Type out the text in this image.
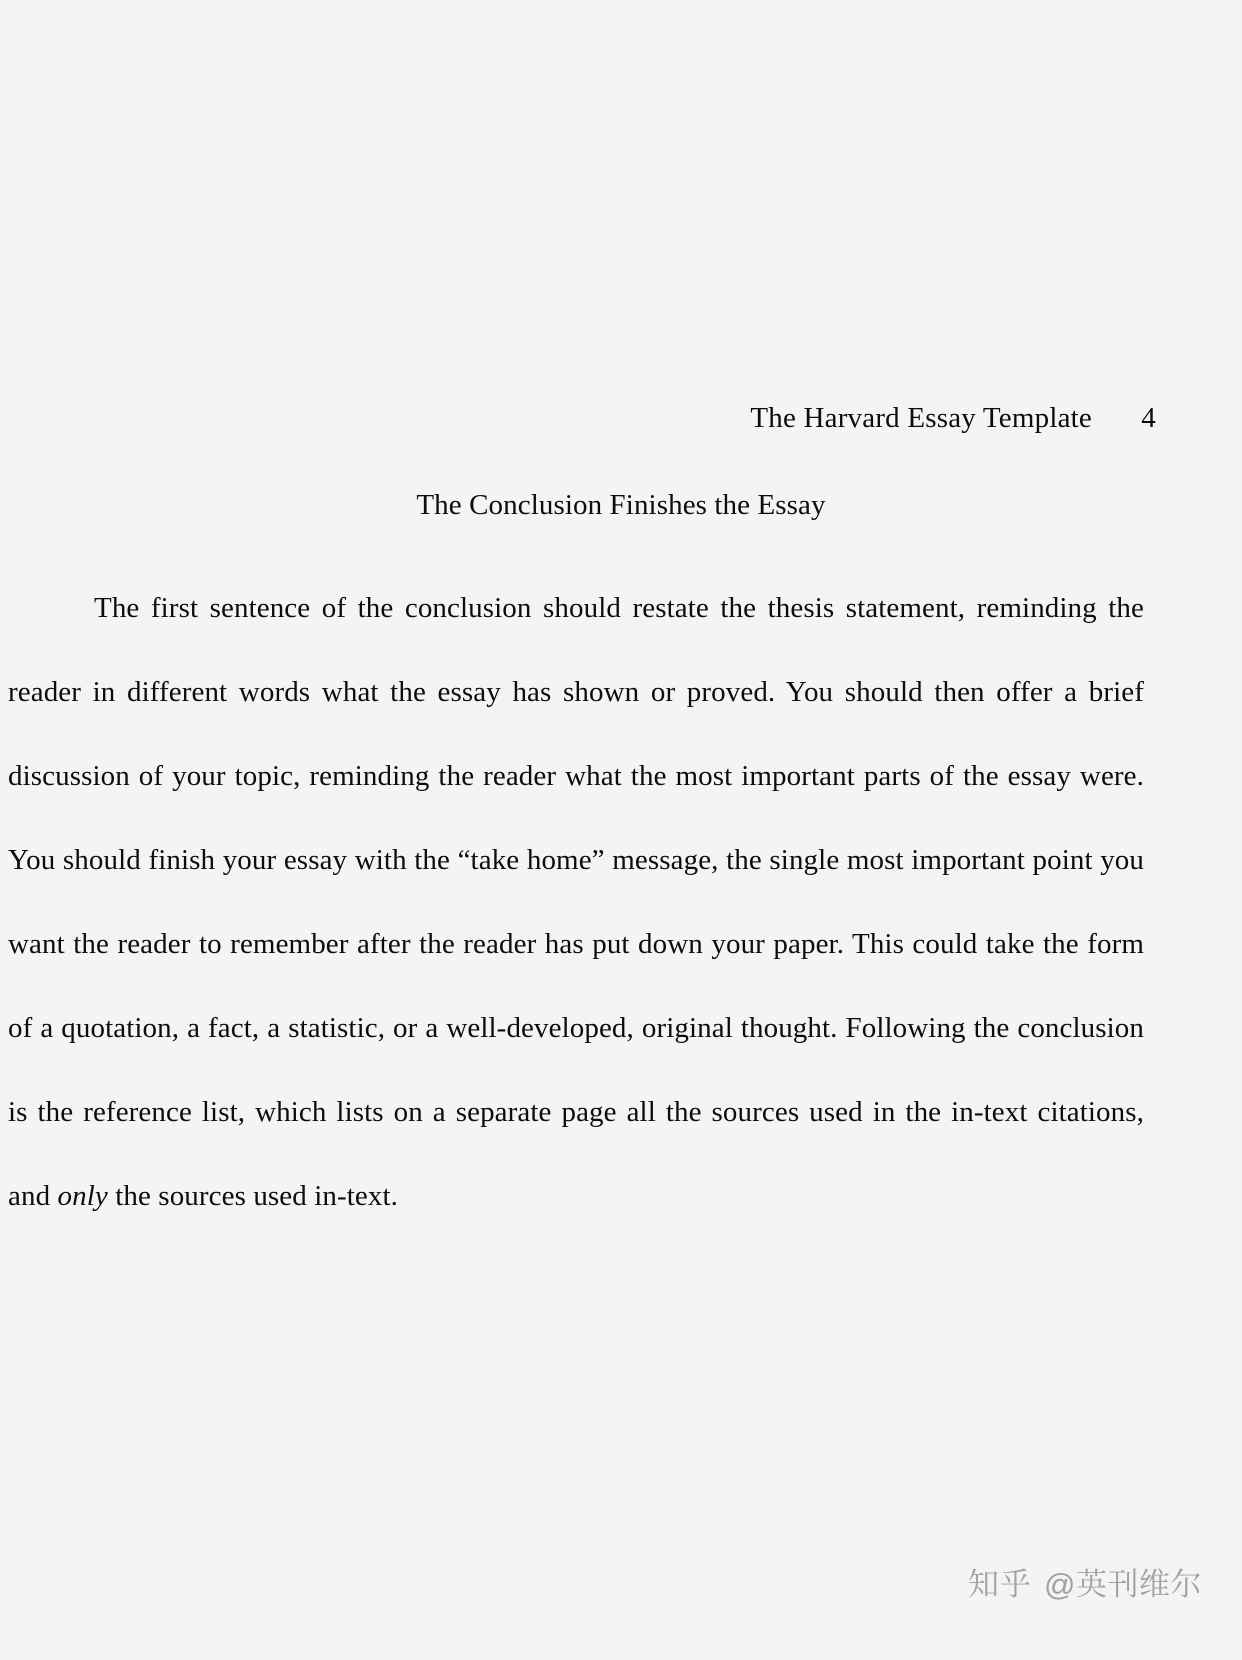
The Harvard Essay Template 4
The Conclusion Finishes the Essay

The first sentence of the conclusion should restate the thesis statement, reminding the reader in different words what the essay has shown or proved. You should then offer a brief discussion of your topic, reminding the reader what the most important parts of the essay were. You should finish your essay with the “take home” message, the single most important point you want the reader to remember after the reader has put down your paper. This could take the form of a quotation, a fact, a statistic, or a well-developed, original thought. Following the conclusion is the reference list, which lists on a separate page all the sources used in the in-text citations, and only the sources used in-text.

知乎 @英刊维尔
